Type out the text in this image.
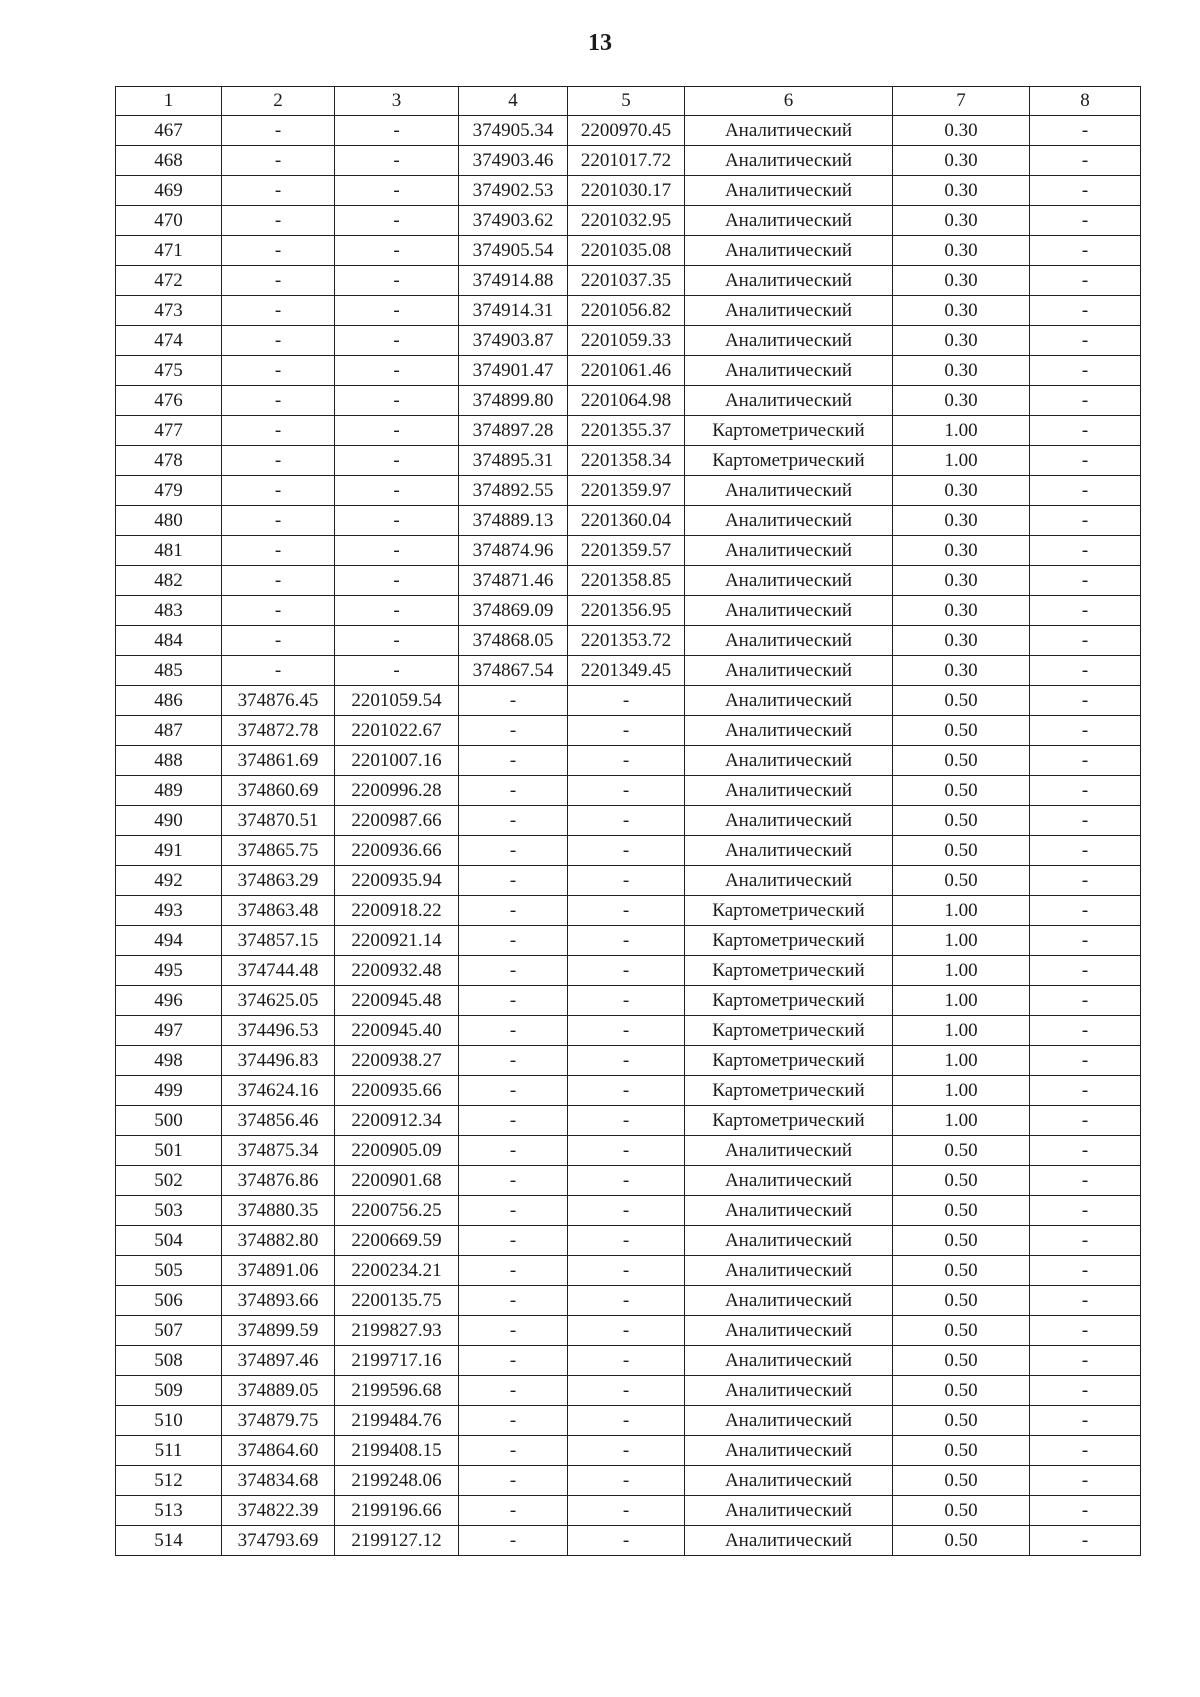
13
1	2	3	4	5	6	7	8
467	-	-	374905.34	2200970.45	Аналитический	0.30	-
468	-	-	374903.46	2201017.72	Аналитический	0.30	-
469	-	-	374902.53	2201030.17	Аналитический	0.30	-
470	-	-	374903.62	2201032.95	Аналитический	0.30	-
471	-	-	374905.54	2201035.08	Аналитический	0.30	-
472	-	-	374914.88	2201037.35	Аналитический	0.30	-
473	-	-	374914.31	2201056.82	Аналитический	0.30	-
474	-	-	374903.87	2201059.33	Аналитический	0.30	-
475	-	-	374901.47	2201061.46	Аналитический	0.30	-
476	-	-	374899.80	2201064.98	Аналитический	0.30	-
477	-	-	374897.28	2201355.37	Картометрический	1.00	-
478	-	-	374895.31	2201358.34	Картометрический	1.00	-
479	-	-	374892.55	2201359.97	Аналитический	0.30	-
480	-	-	374889.13	2201360.04	Аналитический	0.30	-
481	-	-	374874.96	2201359.57	Аналитический	0.30	-
482	-	-	374871.46	2201358.85	Аналитический	0.30	-
483	-	-	374869.09	2201356.95	Аналитический	0.30	-
484	-	-	374868.05	2201353.72	Аналитический	0.30	-
485	-	-	374867.54	2201349.45	Аналитический	0.30	-
486	374876.45	2201059.54	-	-	Аналитический	0.50	-
487	374872.78	2201022.67	-	-	Аналитический	0.50	-
488	374861.69	2201007.16	-	-	Аналитический	0.50	-
489	374860.69	2200996.28	-	-	Аналитический	0.50	-
490	374870.51	2200987.66	-	-	Аналитический	0.50	-
491	374865.75	2200936.66	-	-	Аналитический	0.50	-
492	374863.29	2200935.94	-	-	Аналитический	0.50	-
493	374863.48	2200918.22	-	-	Картометрический	1.00	-
494	374857.15	2200921.14	-	-	Картометрический	1.00	-
495	374744.48	2200932.48	-	-	Картометрический	1.00	-
496	374625.05	2200945.48	-	-	Картометрический	1.00	-
497	374496.53	2200945.40	-	-	Картометрический	1.00	-
498	374496.83	2200938.27	-	-	Картометрический	1.00	-
499	374624.16	2200935.66	-	-	Картометрический	1.00	-
500	374856.46	2200912.34	-	-	Картометрический	1.00	-
501	374875.34	2200905.09	-	-	Аналитический	0.50	-
502	374876.86	2200901.68	-	-	Аналитический	0.50	-
503	374880.35	2200756.25	-	-	Аналитический	0.50	-
504	374882.80	2200669.59	-	-	Аналитический	0.50	-
505	374891.06	2200234.21	-	-	Аналитический	0.50	-
506	374893.66	2200135.75	-	-	Аналитический	0.50	-
507	374899.59	2199827.93	-	-	Аналитический	0.50	-
508	374897.46	2199717.16	-	-	Аналитический	0.50	-
509	374889.05	2199596.68	-	-	Аналитический	0.50	-
510	374879.75	2199484.76	-	-	Аналитический	0.50	-
511	374864.60	2199408.15	-	-	Аналитический	0.50	-
512	374834.68	2199248.06	-	-	Аналитический	0.50	-
513	374822.39	2199196.66	-	-	Аналитический	0.50	-
514	374793.69	2199127.12	-	-	Аналитический	0.50	-
